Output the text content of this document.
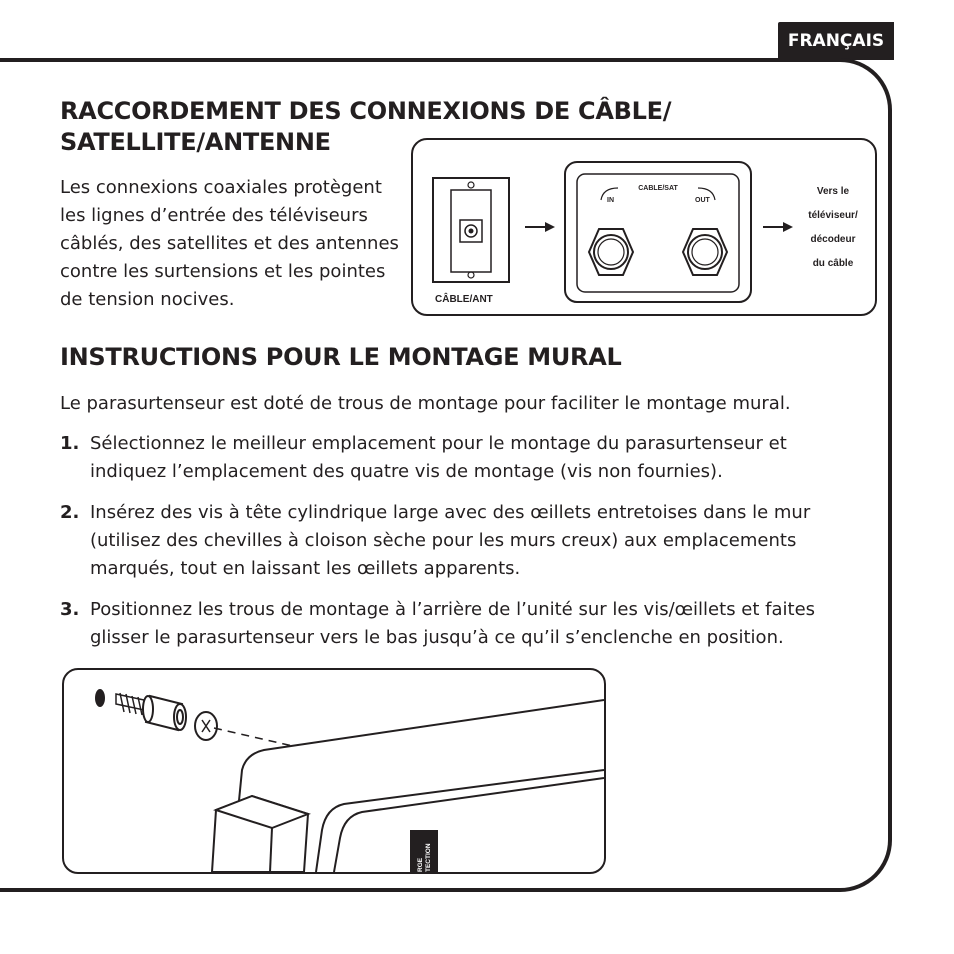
FRANÇAIS
RACCORDEMENT DES CONNEXIONS DE CÂBLE/
SATELLITE/ANTENNE

Les connexions coaxiales protègent les lignes d’entrée des téléviseurs câblés, des satellites et des antennes contre les surtensions et les pointes de tension nocives.	CÂBLE/ANT
CABLE/SAT
IN	OUT
Vers le
téléviseur/
décodeur
du câble
INSTRUCTIONS POUR LE MONTAGE MURAL

Le parasurtenseur est doté de trous de montage pour faciliter le montage mural.

1. Sélectionnez le meilleur emplacement pour le montage du parasurtenseur et indiquez l’emplacement des quatre vis de montage (vis non fournies).
2. Insérez des vis à tête cylindrique large avec des œillets entretoises dans le mur (utilisez des chevilles à cloison sèche pour les murs creux) aux emplacements marqués, tout en laissant les œillets apparents.
3. Positionnez les trous de montage à l’arrière de l’unité sur les vis/œillets et faites glisser le parasurtenseur vers le bas jusqu’à ce qu’il s’enclenche en position.
RGE TECTION
